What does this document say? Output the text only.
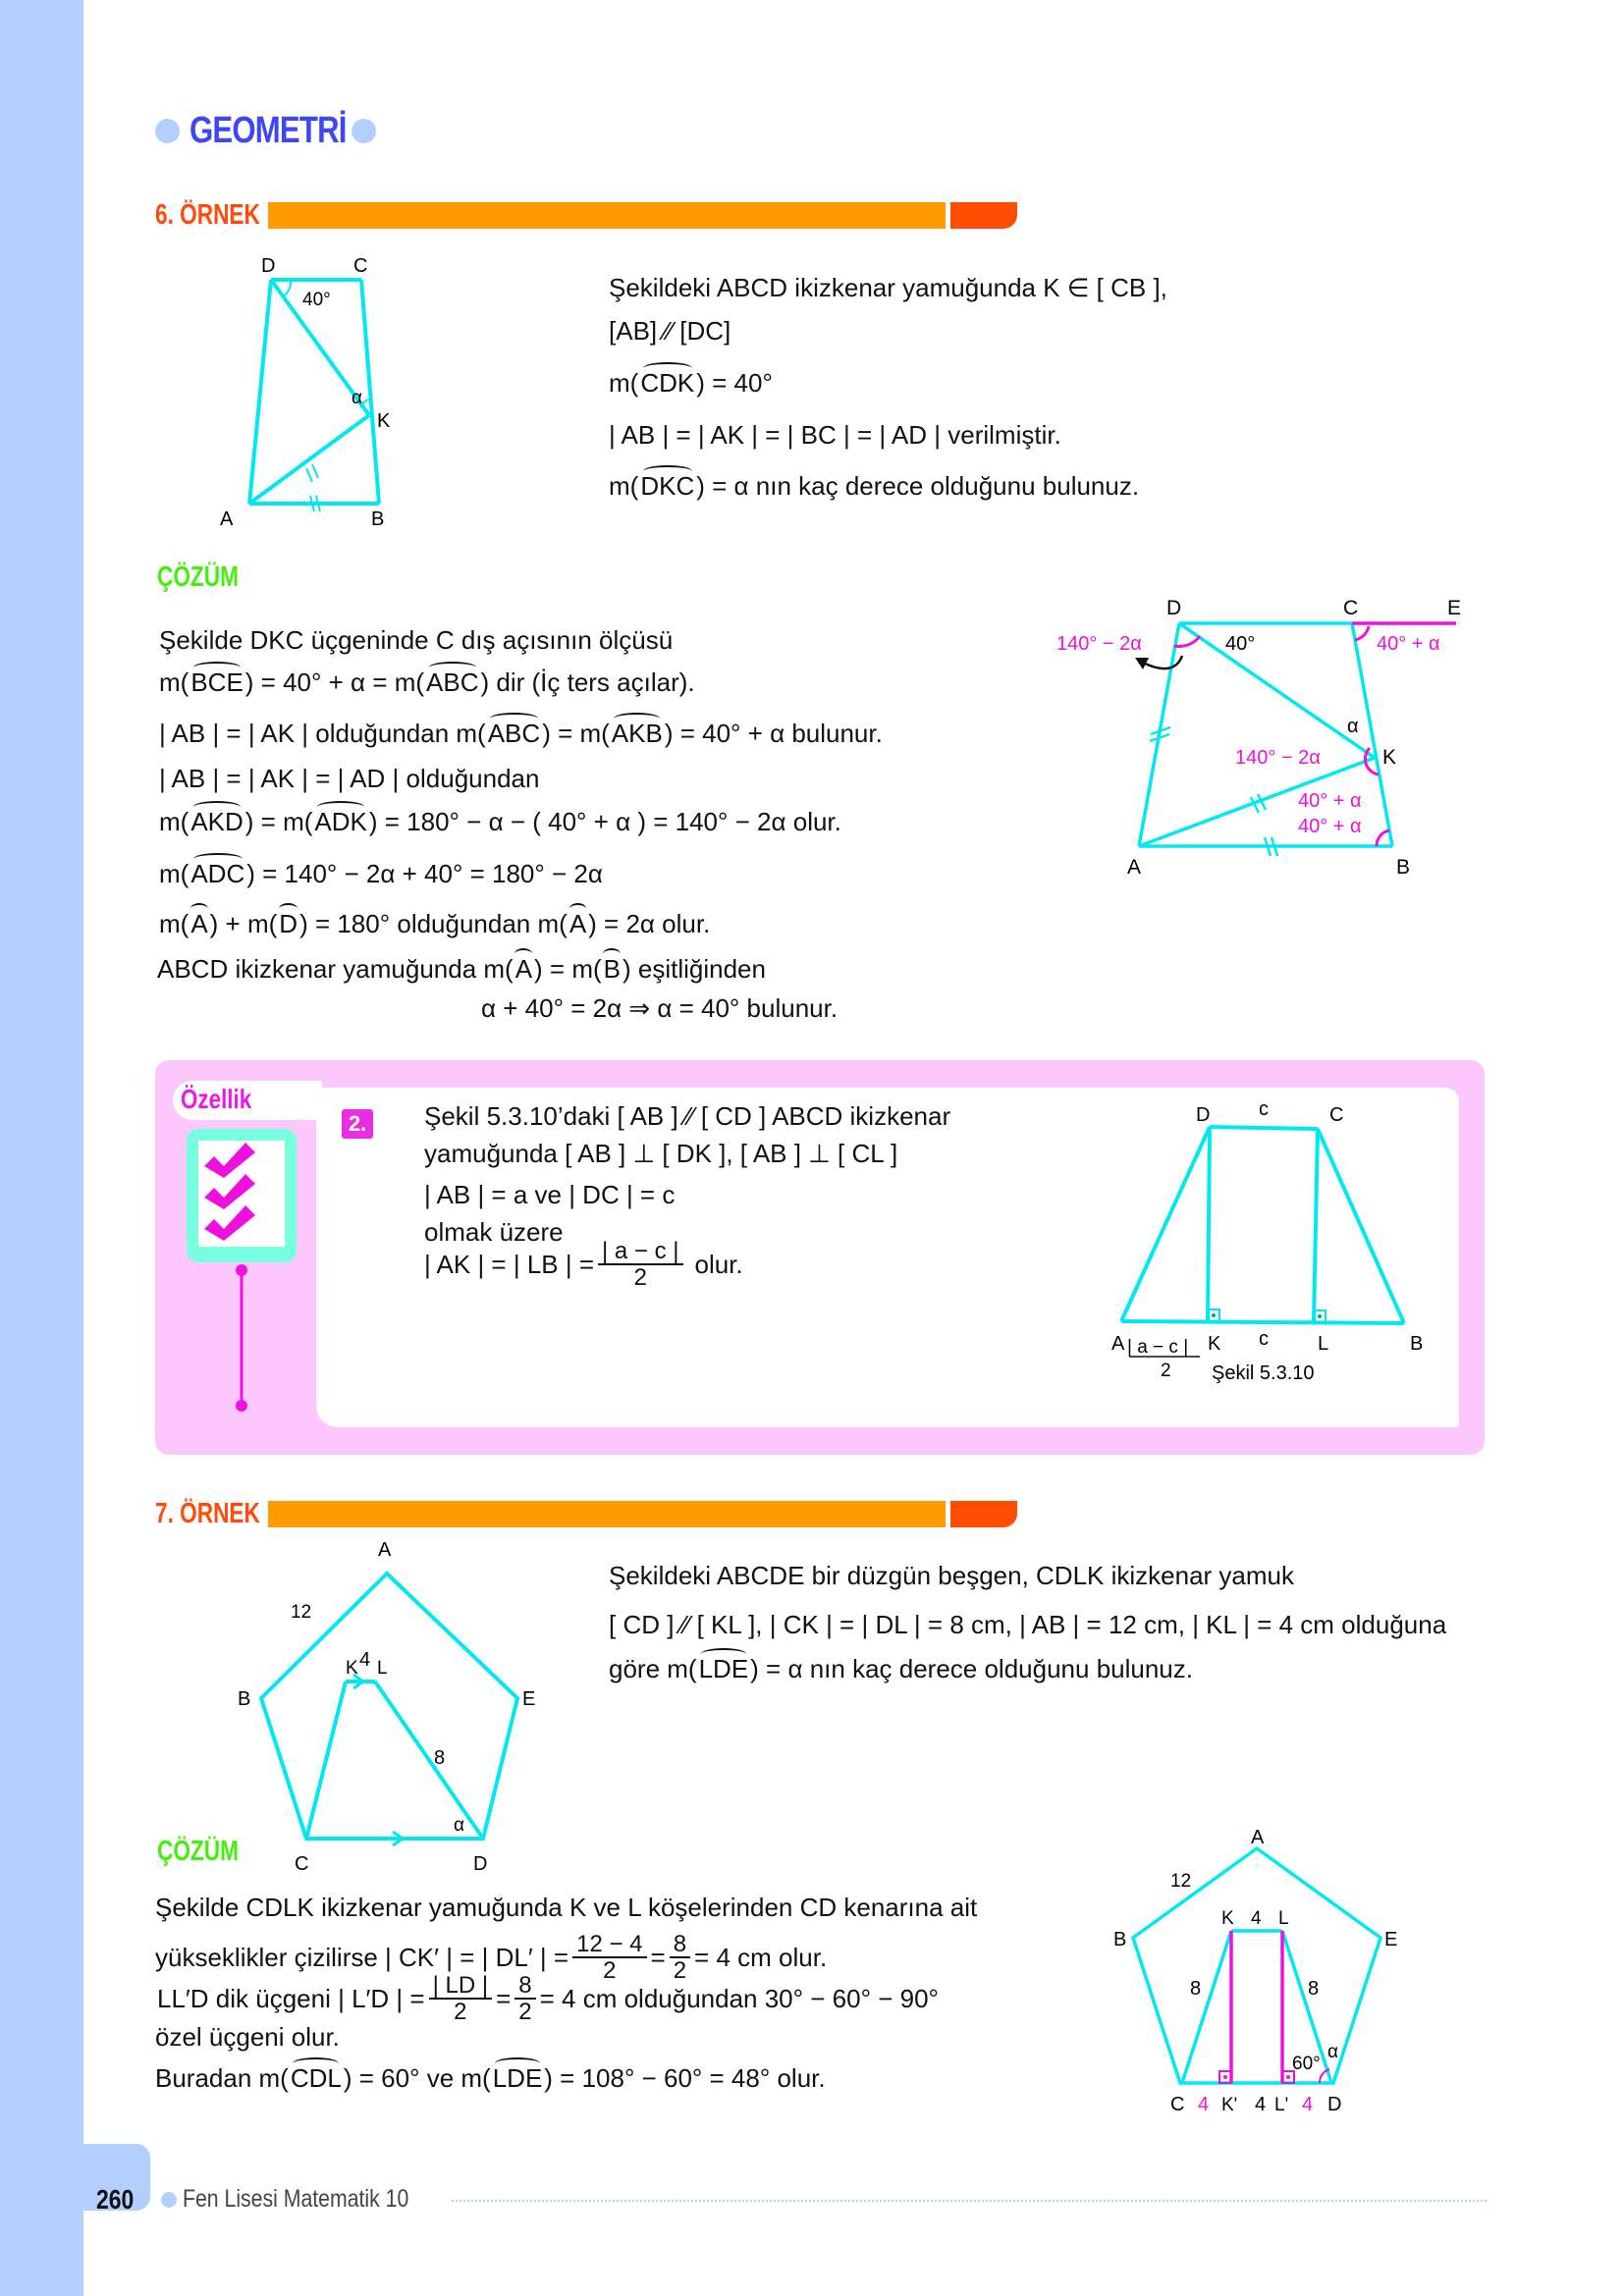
GEOMETRİ
6. ÖRNEK
D	C
40°
α
K
A	B
Şekildeki ABCD ikizkenar yamuğunda K ∈ [ CB ],
[AB] ⁄⁄ [DC]
m(CDK) = 40°
| AB | = | AK | = | BC | = | AD | verilmiştir.
m(DKC) = α nın kaç derece olduğunu bulunuz.
ÇÖZÜM
Şekilde DKC üçgeninde C dış açısının ölçüsü
m(BCE) = 40° + α = m(ABC) dir (İç ters açılar).
| AB | = | AK | olduğundan m(ABC) = m(AKB) = 40° + α bulunur.
| AB | = | AK | = | AD | olduğundan
m(AKD) = m(ADK) = 180° − α − ( 40° + α ) = 140° − 2α olur.
m(ADC) = 140° − 2α + 40° = 180° − 2α
m(A) + m(D) = 180° olduğundan m(A) = 2α olur.
ABCD ikizkenar yamuğunda m(A) = m(B) eşitliğinden
α + 40° = 2α ⇒ α = 40° bulunur.
D	C	E
140° − 2α	40°	40° + α
α
K
140° − 2α
40° + α
40° + α
A	B
Özellik
2. Şekil 5.3.10’daki [ AB ] ⁄⁄ [ CD ] ABCD ikizkenar
yamuğunda [ AB ] ⊥ [ DK ], [ AB ] ⊥ [ CL ]
| AB | = a ve | DC | = c
olmak üzere
| AK | = | LB | = $\frac{| a - c |}{2}$ olur.
D c	C
A | a − c |
2
K c	L	B
Şekil 5.3.10
7. ÖRNEK
A
12
K 4 L
B	E
8
α
C	D
Şekildeki ABCDE bir düzgün beşgen, CDLK ikizkenar yamuk
[ CD ] ⁄⁄ [ KL ], | CK | = | DL | = 8 cm, | AB | = 12 cm, | KL | = 4 cm olduğuna
göre m(LDE) = α nın kaç derece olduğunu bulunuz.
ÇÖZÜM
Şekilde CDLK ikizkenar yamuğunda K ve L köşelerinden CD kenarına ait
yükseklikler çizilirse | CK′ | = | DL′ | = $\frac{12 - 4}{2} = \frac{8}{2} = 4$ cm olur.
LL′D dik üçgeni | L′D | = $\frac{| LD |}{2} = \frac{8}{2} = 4$ cm olduğundan 30° − 60° − 90°
özel üçgeni olur.
Buradan m(CDL) = 60° ve m(LDE) = 108° − 60° = 48° olur.
A
12
K 4 L
B	E
8	8
60°
α
C 4 K' 4 L' 4 D
260 Fen Lisesi Matematik 10
